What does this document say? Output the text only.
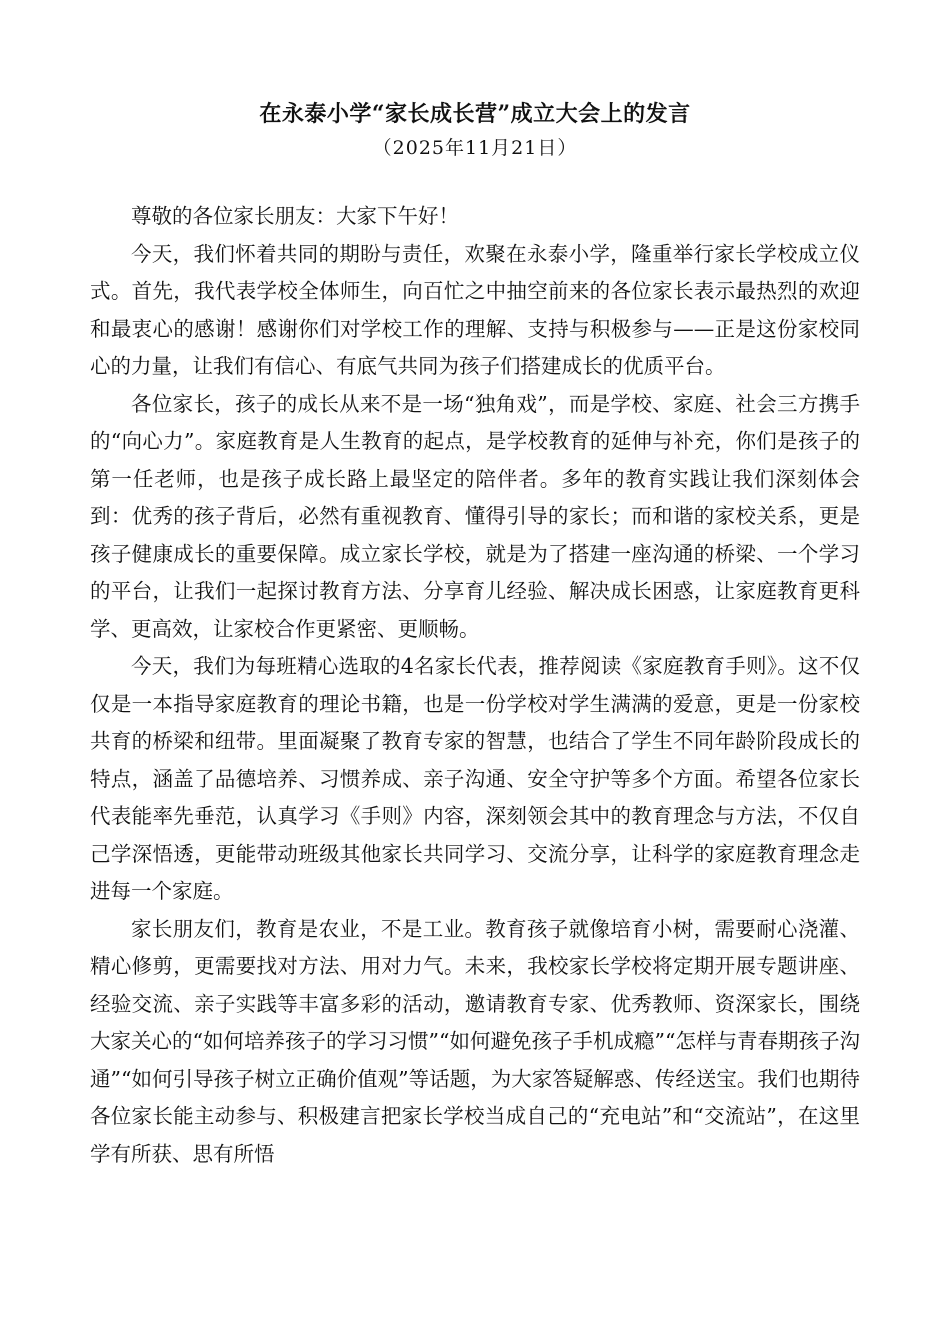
在永泰小学“家长成长营”成立大会上的发言
（2025年11月21日）

尊敬的各位家长朋友：大家下午好！

今天，我们怀着共同的期盼与责任，欢聚在永泰小学，隆重举行家长学校成立仪式。首先，我代表学校全体师生，向百忙之中抽空前来的各位家长表示最热烈的欢迎和最衷心的感谢！感谢你们对学校工作的理解、支持与积极参与——正是这份家校同心的力量，让我们有信心、有底气共同为孩子们搭建成长的优质平台。

各位家长，孩子的成长从来不是一场“独角戏”，而是学校、家庭、社会三方携手的“向心力”。家庭教育是人生教育的起点，是学校教育的延伸与补充，你们是孩子的第一任老师，也是孩子成长路上最坚定的陪伴者。多年的教育实践让我们深刻体会到：优秀的孩子背后，必然有重视教育、懂得引导的家长；而和谐的家校关系，更是孩子健康成长的重要保障。成立家长学校，就是为了搭建一座沟通的桥梁、一个学习的平台，让我们一起探讨教育方法、分享育儿经验、解决成长困惑，让家庭教育更科学、更高效，让家校合作更紧密、更顺畅。

今天，我们为每班精心选取的4名家长代表，推荐阅读《家庭教育手则》。这不仅仅是一本指导家庭教育的理论书籍，也是一份学校对学生满满的爱意，更是一份家校共育的桥梁和纽带。里面凝聚了教育专家的智慧，也结合了学生不同年龄阶段成长的特点，涵盖了品德培养、习惯养成、亲子沟通、安全守护等多个方面。希望各位家长代表能率先垂范，认真学习《手则》内容，深刻领会其中的教育理念与方法，不仅自己学深悟透，更能带动班级其他家长共同学习、交流分享，让科学的家庭教育理念走进每一个家庭。

家长朋友们，教育是农业，不是工业。教育孩子就像培育小树，需要耐心浇灌、精心修剪，更需要找对方法、用对力气。未来，我校家长学校将定期开展专题讲座、经验交流、亲子实践等丰富多彩的活动，邀请教育专家、优秀教师、资深家长，围绕大家关心的“如何培养孩子的学习习惯”“如何避免孩子手机成瘾”“怎样与青春期孩子沟通”“如何引导孩子树立正确价值观”等话题，为大家答疑解惑、传经送宝。我们也期待各位家长能主动参与、积极建言把家长学校当成自己的“充电站”和“交流站”，在这里学有所获、思有所悟
